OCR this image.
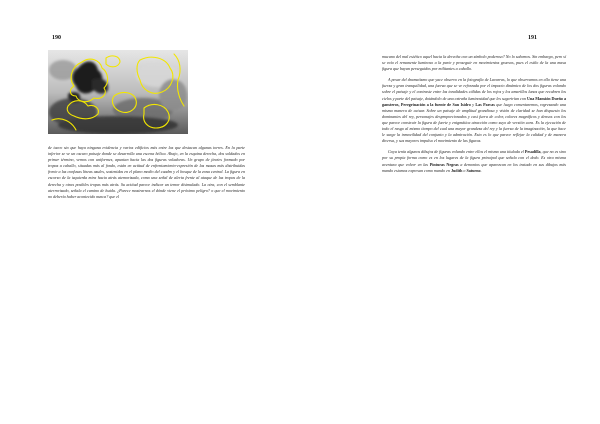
190	191

de tueco sto que haya ninguna evidencia y varios edificios más entre las que destacan algunas torres. En la parte inferior se ve un oscuro paisaje donde se desarrolla una escena bélica. Abajo, en la esquina derecha, dos soldados en primer término, vemos con uniformes, apuntan hacia las dos figuras voladoras. Un grupo de jinetes formado por tropas a caballo, situadas más al fondo, están en actitud de enfrentamiento-expresión de las masas más distribuidas frente a las confusas líneas azules, sostenidas en el plano medio del cuadro y el bosque de la zona central. La figura en escorzo de la izquierda mira hacia atrás atemorizada, como una señal de alerta frente al ataque de las tropas de la derecha y otras posibles tropas más atrás. Su actitud parece indicar un temor disimulado. La otra, con el semblante aterrorizado, señala el camino de huida. ¿Parece mostrarnos el dónde viene el próximo peligro? o que el movimiento no debería haber acontecido nunca? que el

mucano del mal estético aquel hacia la derecha con un símbolo poderoso? No lo sabemos. Sin embargo, pero sí se veía el remanente luminoso a la parte y proseguir en movimientos gruesos, pues el estilo de la una masa figura que bayan perseguidos por militantes a caballo.

A pesar del dramatismo que yace observo en la fotografía de Lavarras, lo que observamos en ella tiene una fuerza y gran tranquilidad, una fuerza que se ve reforzada por el impacto dinámico de los dos figuras volando sobre el paisaje y el contraste entre las tonalidades cálidas de los rojos y los amarillos lunas que recubren los cielos y parte del paisaje, dotándolo de una extraña luminosidad que les sugerirían con Una Mansión Dueño a gansteros, Peregrinación a la fuente de San Isidro y Las Parcas que luego comentaremos, regresando una misma manera de actuar. Sobre un paisaje de amplitud grandiosa y visión de claridad se han dispuesto los dominantes del rey, personajes desproporcionados y casi fuera de color, colores magníficos y densos con los que parece construir la figura de fuerte y enigmática atracción como suyo de versión cara. Es la ejecución de todo el rasgo al mismo tiempo del cual una mayor grandeza del rey y la fuerza de la imaginación, la que hace le surge la inmovilidad del conjunto y la admiración. Esto es lo que parece reflejar la calidad y de manera diversa, y sus mayores impulso el movimiento de las figuras.

Goya tenía algunos dibujos de figuras volando entre ellos el mismo una titulada el Pesadilla, que no es sino por su propia forma como es en los lugares de la figura principal que señala con el dedo. Es otra misma aventura que volver en las Pinturas Negras a demonios que aparezcan en los tratado en sus dibujos más mando estamos expresan como mando en Judith o Saturno.
